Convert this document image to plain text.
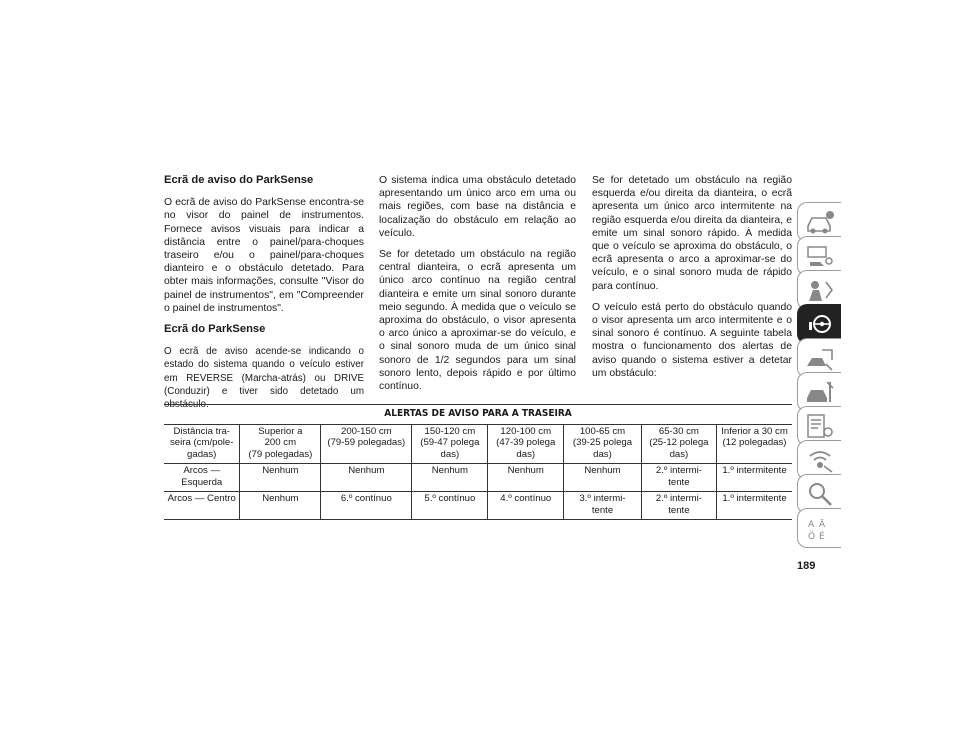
Ecrã de aviso do ParkSense

O ecrã de aviso do ParkSense encontra-se no visor do painel de instrumentos. Fornece avisos visuais para indicar a distância entre o painel/para-choques traseiro e/ou o painel/para-choques dianteiro e o obstáculo detetado. Para obter mais informações, consulte "Visor do painel de instrumentos", em "Compreender o painel de instrumentos".

Ecrã do ParkSense

O ecrã de aviso acende-se indicando o estado do sistema quando o veículo estiver em REVERSE (Marcha-atrás) ou DRIVE (Conduzir) e tiver sido detetado um obstáculo.

O sistema indica uma obstáculo detetado apresentando um único arco em uma ou mais regiões, com base na distância e localização do obstáculo em relação ao veículo.

Se for detetado um obstáculo na região central dianteira, o ecrã apresenta um único arco contínuo na região central dianteira e emite um sinal sonoro durante meio segundo. À medida que o veículo se aproxima do obstáculo, o visor apresenta o arco único a aproximar-se do veículo, e o sinal sonoro muda de um único sinal sonoro de 1/2 segundos para um sinal sonoro lento, depois rápido e por último contínuo.

Se for detetado um obstáculo na região esquerda e/ou direita da dianteira, o ecrã apresenta um único arco intermitente na região esquerda e/ou direita da dianteira, e emite um sinal sonoro rápido. À medida que o veículo se aproxima do obstáculo, o ecrã apresenta o arco a aproximar-se do veículo, e o sinal sonoro muda de rápido para contínuo.

O veículo está perto do obstáculo quando o visor apresenta um arco intermitente e o sinal sonoro é contínuo. A seguinte tabela mostra o funcionamento dos alertas de aviso quando o sistema estiver a detetar um obstáculo:

ALERTAS DE AVISO PARA A TRASEIRA							
Distância tra-
seira (cm/pole-
gadas)	Superior a
200 cm
(79 polegadas)	200-150 cm
(79-59 polegadas)	150-120 cm
(59-47 polega
das)	120-100 cm
(47-39 polega
das)	100-65 cm
(39-25 polega
das)	65-30 cm
(25-12 polega
das)	Inferior a 30 cm
(12 polegadas)
Arcos —
Esquerda	Nenhum	Nenhum	Nenhum	Nenhum	Nenhum	2.º intermi-
tente	1.º intermitente
Arcos — Centro	Nenhum	6.º contínuo	5.º contínuo	4.º contínuo	3.º intermi-
tente	2.º intermi-
tente	1.º intermitente
A Ä
Ö É
189
